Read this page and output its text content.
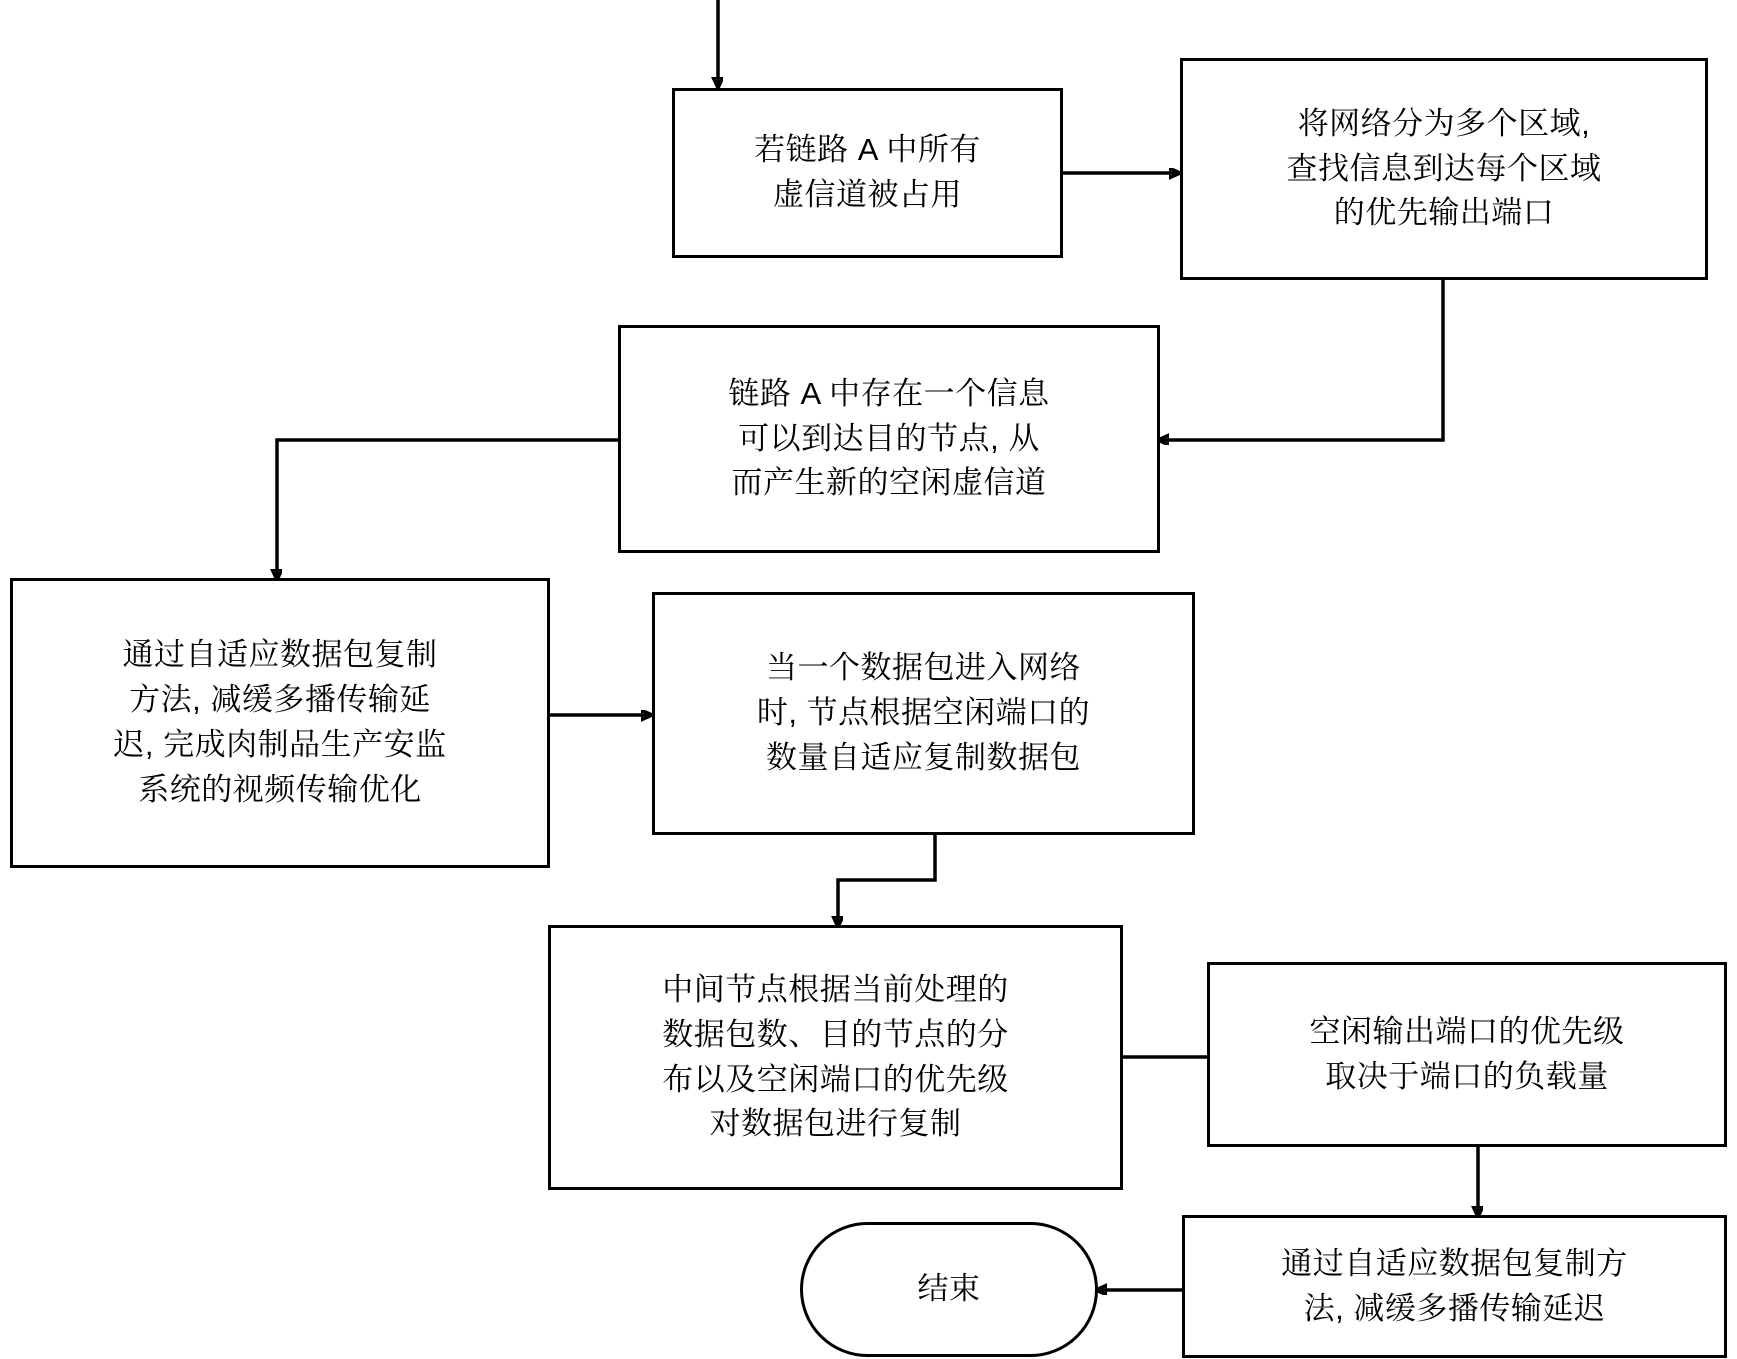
若链路 A 中所有
虚信道被占用
将网络分为多个区域,
查找信息到达每个区域
的优先输出端口
链路 A 中存在一个信息
可以到达目的节点, 从
而产生新的空闲虚信道
通过自适应数据包复制
方法, 减缓多播传输延
迟, 完成肉制品生产安监
系统的视频传输优化
当一个数据包进入网络
时, 节点根据空闲端口的
数量自适应复制数据包
中间节点根据当前处理的
数据包数、目的节点的分
布以及空闲端口的优先级
对数据包进行复制
空闲输出端口的优先级
取决于端口的负载量
通过自适应数据包复制方
法, 减缓多播传输延迟
结束
